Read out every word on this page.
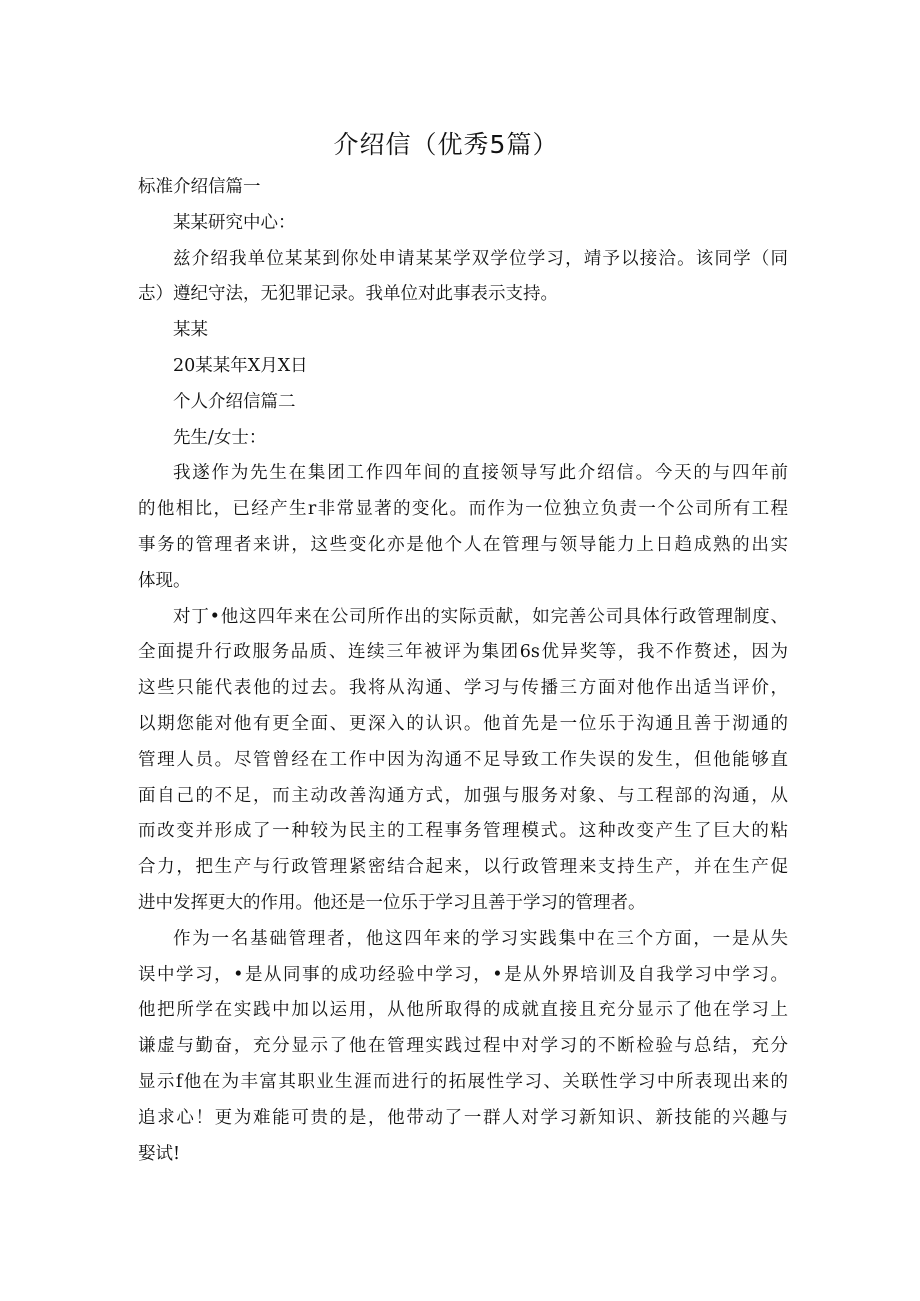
介绍信（优秀5篇）
标准介绍信篇一
某某研究中心：
兹介绍我单位某某到你处申请某某学双学位学习，靖予以接洽。该同学（同
志）遵纪守法，无犯罪记录。我单位对此事表示支持。
某某
20某某年X月X日
个人介绍信篇二
先生/女士：
我遂作为先生在集团工作四年间的直接领导写此介绍信。今天的与四年前
的他相比，已经产生r非常显著的变化。而作为一位独立负责一个公司所有工程
事务的管理者来讲，这些变化亦是他个人在管理与领导能力上日趋成熟的出实
体现。
对丁•他这四年来在公司所作出的实际贡献，如完善公司具体行政管理制度、
全面提升行政服务品质、连续三年被评为集团6s优异奖等，我不作赘述，因为
这些只能代表他的过去。我将从沟通、学习与传播三方面对他作出适当评价，
以期您能对他有更全面、更深入的认识。他首先是一位乐于沟通且善于沏通的
管理人员。尽管曾经在工作中因为沟通不足导致工作失误的发生，但他能够直
面自己的不足，而主动改善沟通方式，加强与服务对象、与工程部的沟通，从
而改变并形成了一种较为民主的工程事务管理模式。这种改变产生了巨大的粘
合力，把生产与行政管理紧密结合起来，以行政管理来支持生产，并在生产促
进中发挥更大的作用。他还是一位乐于学习且善于学习的管理者。
作为一名基础管理者，他这四年来的学习实践集中在三个方面，一是从失
误中学习，•是从同事的成功经验中学习，•是从外界培训及自我学习中学习。
他把所学在实践中加以运用，从他所取得的成就直接且充分显示了他在学习上
谦虚与勤奋，充分显示了他在管理实践过程中对学习的不断检验与总结，充分
显示f他在为丰富其职业生涯而进行的拓展性学习、关联性学习中所表现出来的
追求心！更为难能可贵的是，他带动了一群人对学习新知识、新技能的兴趣与
娶试!
